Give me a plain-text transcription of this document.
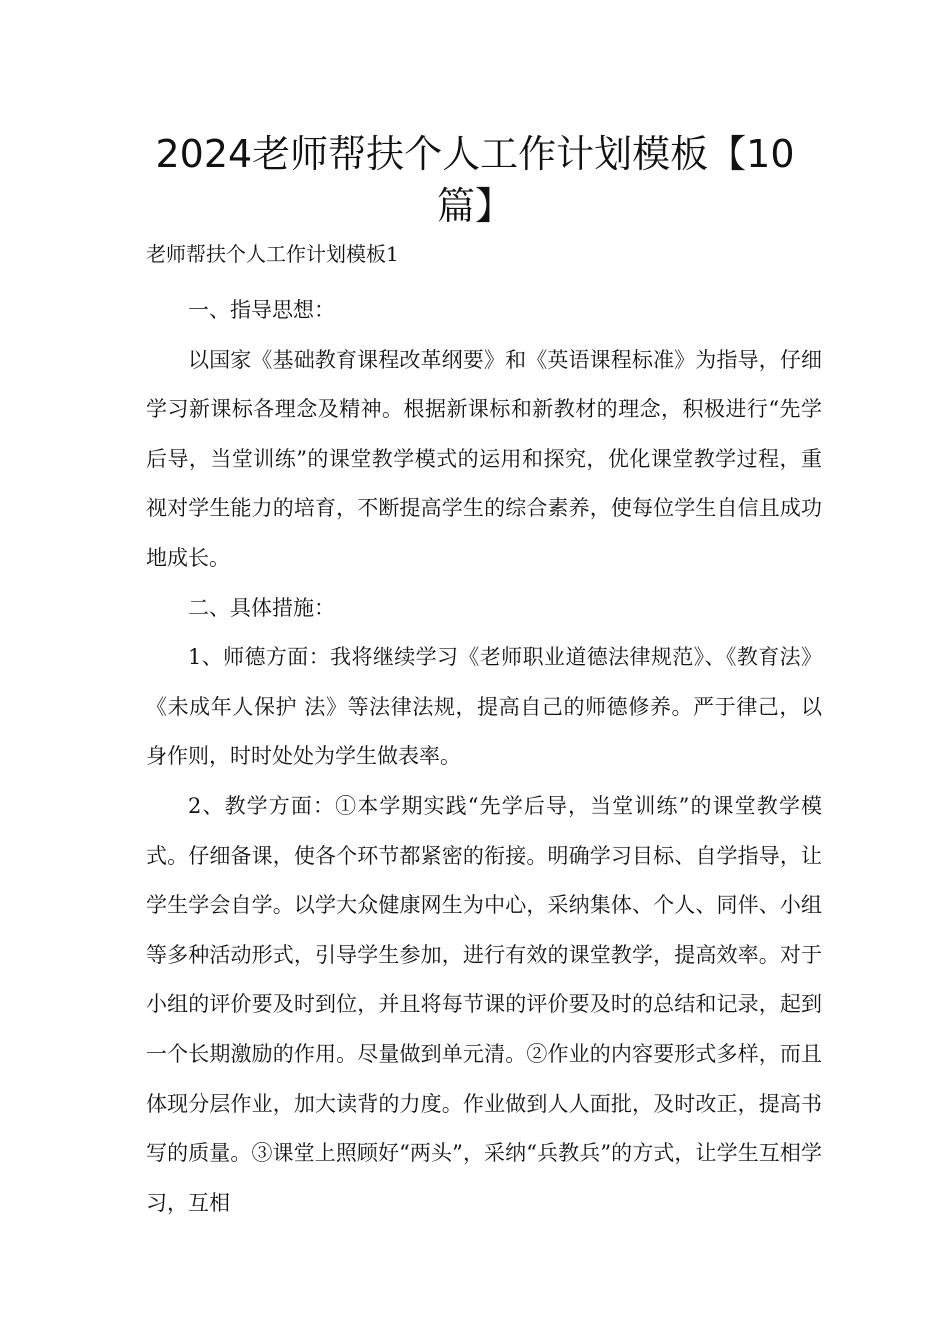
2024老师帮扶个人工作计划模板【10篇】
老师帮扶个人工作计划模板1

一、指导思想：

以国家《基础教育课程改革纲要》和《英语课程标准》为指导，仔细学习新课标各理念及精神。根据新课标和新教材的理念，积极进行“先学后导，当堂训练”的课堂教学模式的运用和探究，优化课堂教学过程，重视对学生能力的培育，不断提高学生的综合素养，使每位学生自信且成功地成长。

二、具体措施：

1、师德方面：我将继续学习《老师职业道德法律规范》、《教育法》《未成年人保护 法》等法律法规，提高自己的师德修养。严于律己，以身作则，时时处处为学生做表率。

2、教学方面：①本学期实践“先学后导，当堂训练”的课堂教学模式。仔细备课，使各个环节都紧密的衔接。明确学习目标、自学指导，让学生学会自学。以学大众健康网生为中心，采纳集体、个人、同伴、小组等多种活动形式，引导学生参加，进行有效的课堂教学，提高效率。对于小组的评价要及时到位，并且将每节课的评价要及时的总结和记录，起到一个长期激励的作用。尽量做到单元清。②作业的内容要形式多样，而且体现分层作业，加大读背的力度。作业做到人人面批，及时改正，提高书写的质量。③课堂上照顾好“两头”，采纳“兵教兵”的方式，让学生互相学习，互相
